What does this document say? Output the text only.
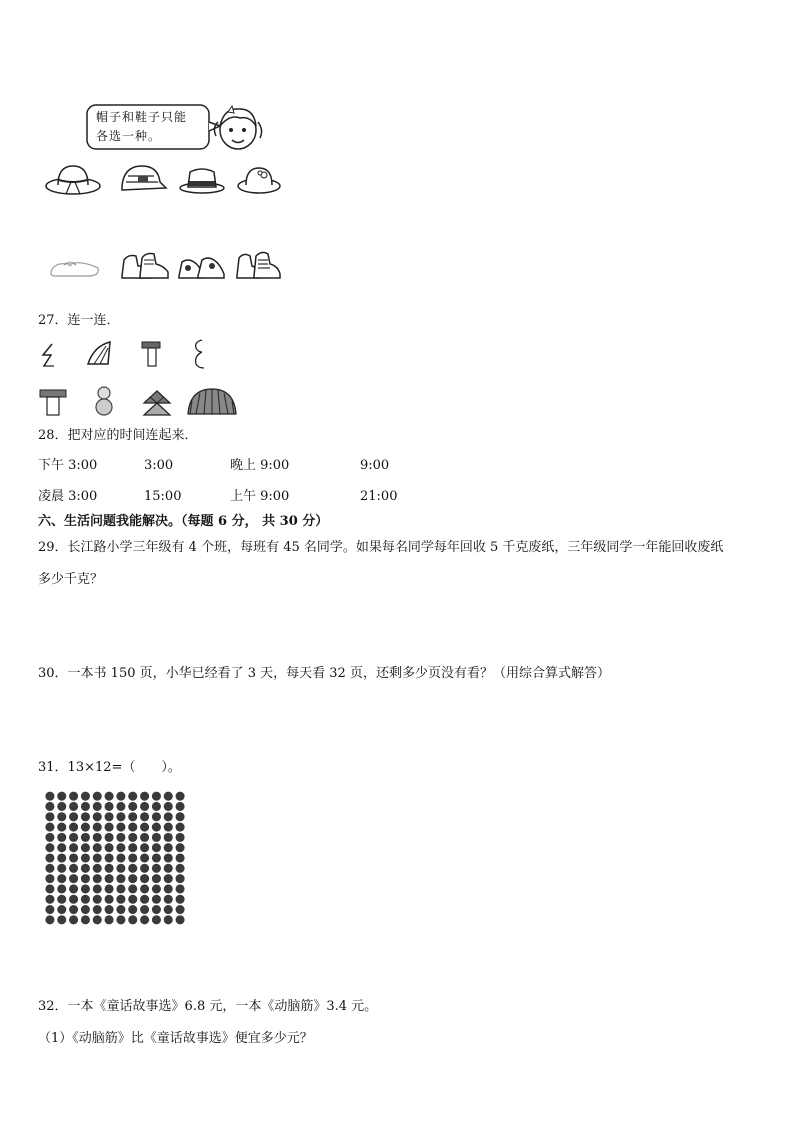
帽子和鞋子只能
各选一种。
27．连一连．
28．把对应的时间连起来．
下午 3:00	3:00	晚上 9:00	9:00
凌晨 3:00	15:00	上午 9:00	21:00
六、生活问题我能解决。（每题 6 分， 共 30 分）
29．长江路小学三年级有 4 个班，每班有 45 名同学。如果每名同学每年回收 5 千克废纸，三年级同学一年能回收废纸
多少千克？
30．一本书 150 页，小华已经看了 3 天，每天看 32 页，还剩多少页没有看？（用综合算式解答）
31．13×12=（　　）。
32．一本《童话故事选》6.8 元，一本《动脑筋》3.4 元。
（1）《动脑筋》比《童话故事选》便宜多少元？
